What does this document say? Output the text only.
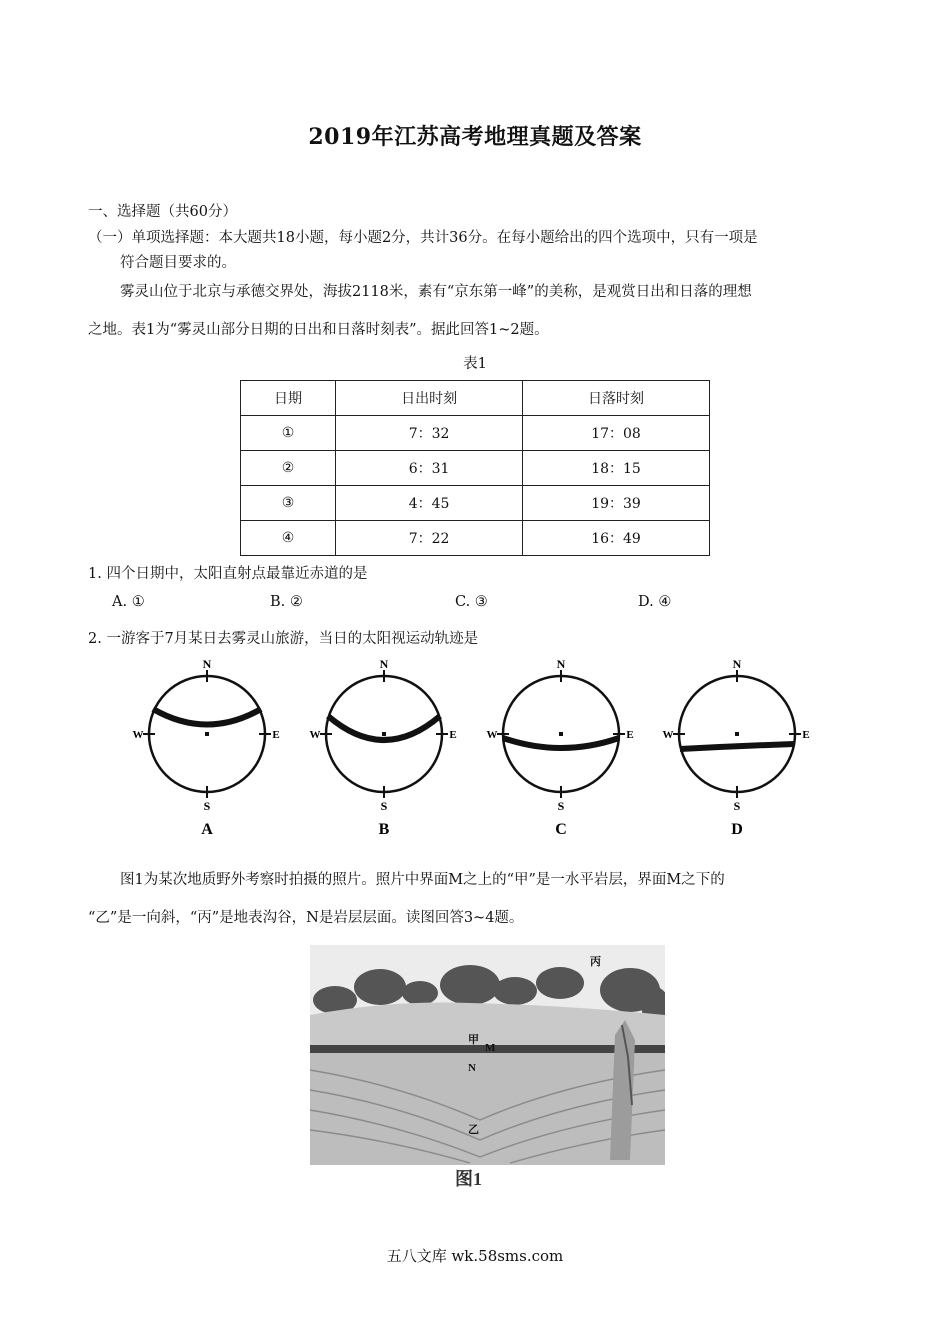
2019年江苏高考地理真题及答案
一、选择题（共60分）
（一）单项选择题：本大题共18小题，每小题2分，共计36分。在每小题给出的四个选项中，只有一项是
符合题目要求的。
雾灵山位于北京与承德交界处，海拔2118米，素有“京东第一峰”的美称，是观赏日出和日落的理想
之地。表1为“雾灵山部分日期的日出和日落时刻表”。据此回答1~2题。
表1
日期	日出时刻	日落时刻
①	7：32	17：08
②	6：31	18：15
③	4：45	19：39
④	7：22	16：49
1. 四个日期中，太阳直射点最靠近赤道的是
A. ①	B. ②	C. ③	D. ④
2. 一游客于7月某日去雾灵山旅游，当日的太阳视运动轨迹是
N
S
W	E
A
N
S
W	E
B
N
S
W	E
C
N
S
W	E
D
图1为某次地质野外考察时拍摄的照片。照片中界面M之上的“甲”是一水平岩层，界面M之下的
“乙”是一向斜，“丙”是地表沟谷，N是岩层层面。读图回答3~4题。
丙
甲
M
N
乙
图1
五八文库 wk.58sms.com
